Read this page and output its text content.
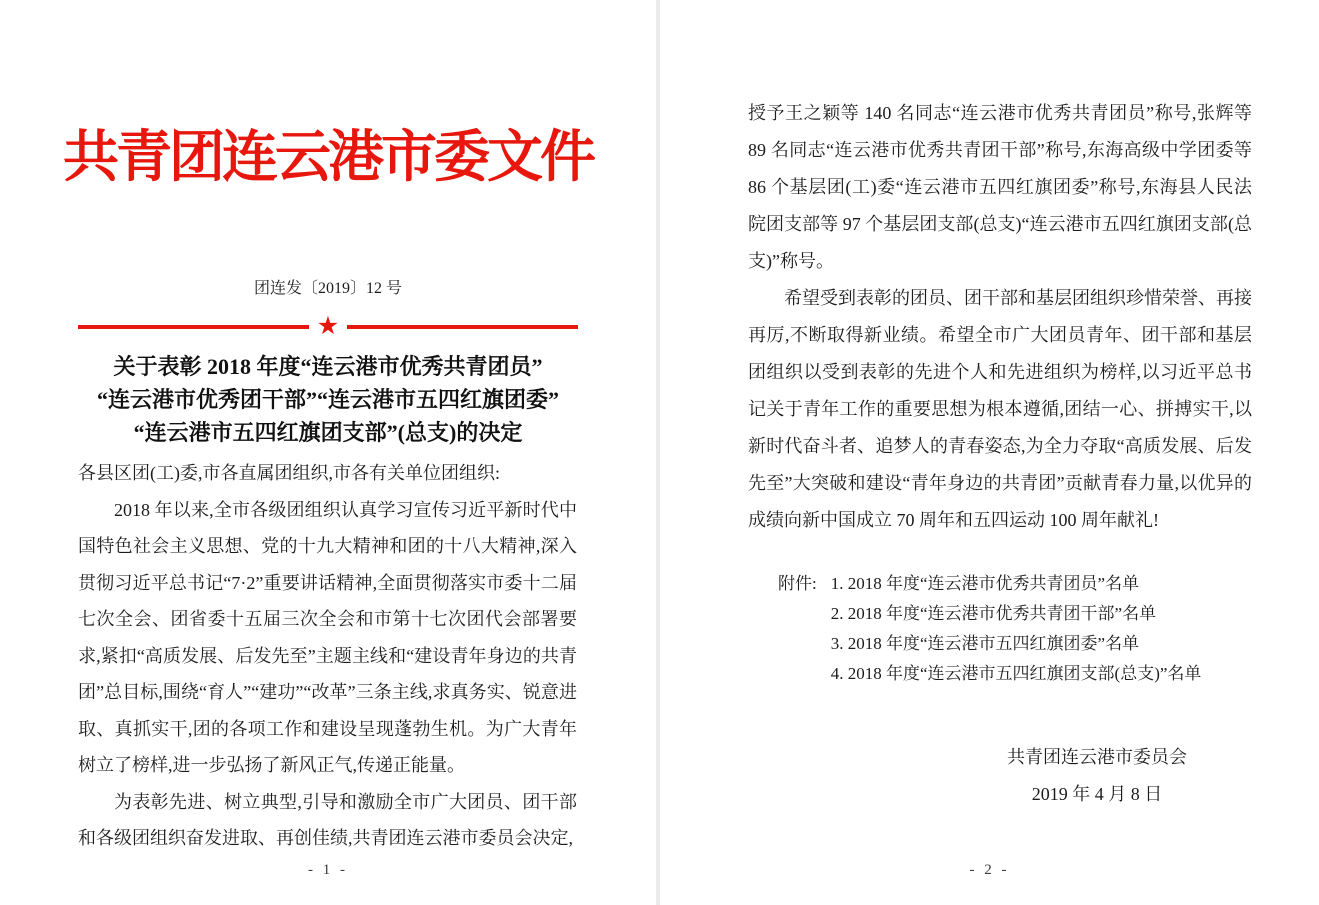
共青团连云港市委文件
团连发〔2019〕12 号
★
关于表彰 2018 年度“连云港市优秀共青团员”
“连云港市优秀团干部”“连云港市五四红旗团委”
“连云港市五四红旗团支部”(总支)的决定

各县区团(工)委,市各直属团组织,市各有关单位团组织:

2018 年以来,全市各级团组织认真学习宣传习近平新时代中国特色社会主义思想、党的十九大精神和团的十八大精神,深入贯彻习近平总书记“7·2”重要讲话精神,全面贯彻落实市委十二届七次全会、团省委十五届三次全会和市第十七次团代会部署要求,紧扣“高质发展、后发先至”主题主线和“建设青年身边的共青团”总目标,围绕“育人”“建功”“改革”三条主线,求真务实、锐意进取、真抓实干,团的各项工作和建设呈现蓬勃生机。为广大青年树立了榜样,进一步弘扬了新风正气,传递正能量。

为表彰先进、树立典型,引导和激励全市广大团员、团干部和各级团组织奋发进取、再创佳绩,共青团连云港市委员会决定,

- 1 -

授予王之颖等 140 名同志“连云港市优秀共青团员”称号,张辉等 89 名同志“连云港市优秀共青团干部”称号,东海高级中学团委等 86 个基层团(工)委“连云港市五四红旗团委”称号,东海县人民法院团支部等 97 个基层团支部(总支)“连云港市五四红旗团支部(总支)”称号。

希望受到表彰的团员、团干部和基层团组织珍惜荣誉、再接再厉,不断取得新业绩。希望全市广大团员青年、团干部和基层团组织以受到表彰的先进个人和先进组织为榜样,以习近平总书记关于青年工作的重要思想为根本遵循,团结一心、拼搏实干,以新时代奋斗者、追梦人的青春姿态,为全力夺取“高质发展、后发先至”大突破和建设“青年身边的共青团”贡献青春力量,以优异的成绩向新中国成立 70 周年和五四运动 100 周年献礼!

附件: 1. 2018 年度“连云港市优秀共青团员”名单
2. 2018 年度“连云港市优秀共青团干部”名单
3. 2018 年度“连云港市五四红旗团委”名单
4. 2018 年度“连云港市五四红旗团支部(总支)”名单
共青团连云港市委员会
2019 年 4 月 8 日
- 2 -
